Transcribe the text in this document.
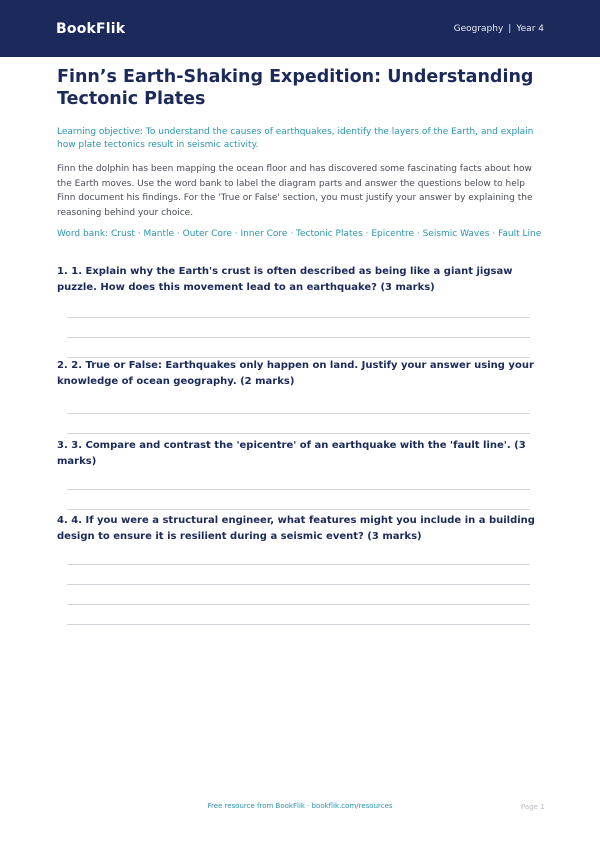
BookFlik	Geography | Year 4
Finn’s Earth-Shaking Expedition: Understanding Tectonic Plates

Learning objective: To understand the causes of earthquakes, identify the layers of the Earth, and explain how plate tectonics result in seismic activity.

Finn the dolphin has been mapping the ocean floor and has discovered some fascinating facts about how the Earth moves. Use the word bank to label the diagram parts and answer the questions below to help Finn document his findings. For the 'True or False' section, you must justify your answer by explaining the reasoning behind your choice.

Word bank: Crust · Mantle · Outer Core · Inner Core · Tectonic Plates · Epicentre · Seismic Waves · Fault Line

1. 1. Explain why the Earth's crust is often described as being like a giant jigsaw puzzle. How does this movement lead to an earthquake? (3 marks)

2. 2. True or False: Earthquakes only happen on land. Justify your answer using your knowledge of ocean geography. (2 marks)

3. 3. Compare and contrast the 'epicentre' of an earthquake with the 'fault line'. (3 marks)

4. 4. If you were a structural engineer, what features might you include in a building design to ensure it is resilient during a seismic event? (3 marks)

Free resource from BookFlik · bookflik.com/resources	Page 1
